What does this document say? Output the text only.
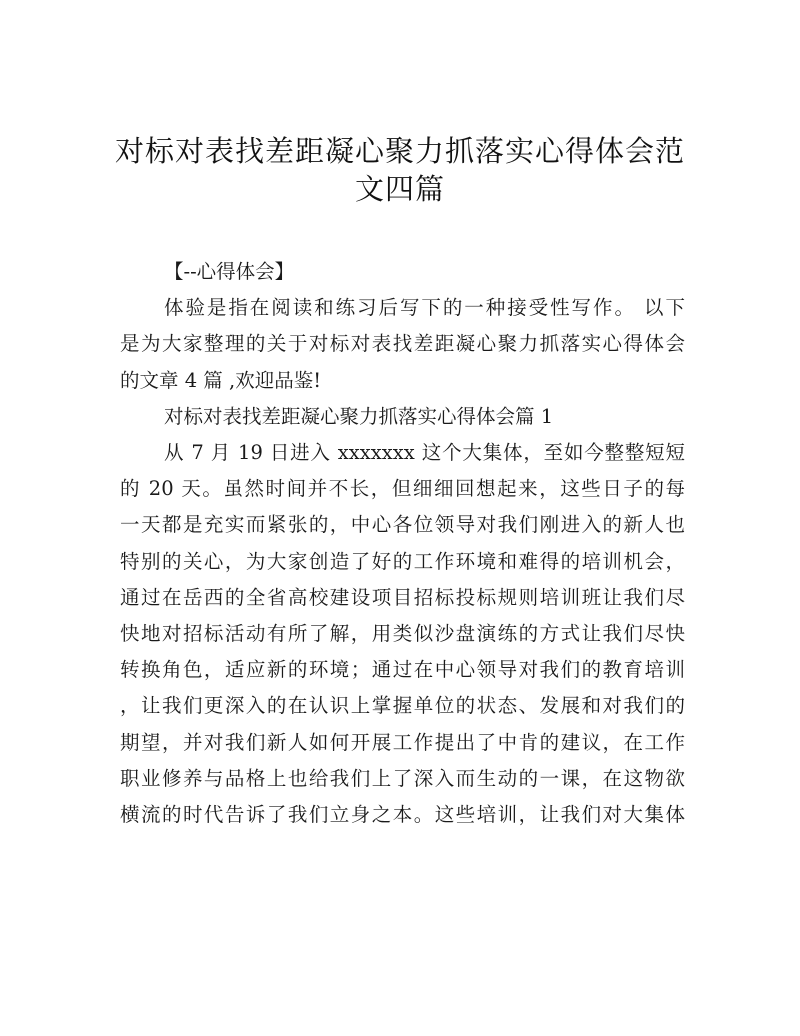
对标对表找差距凝心聚力抓落实心得体会范
文四篇
【--心得体会】
体验是指在阅读和练习后写下的一种接受性写作。 以下
是为大家整理的关于对标对表找差距凝心聚力抓落实心得体会
的文章 4 篇 ,欢迎品鉴!
对标对表找差距凝心聚力抓落实心得体会篇 1
从 7 月 19 日进入 xxxxxxx 这个大集体，至如今整整短短
的 20 天。虽然时间并不长，但细细回想起来，这些日子的每
一天都是充实而紧张的，中心各位领导对我们刚进入的新人也
特别的关心，为大家创造了好的工作环境和难得的培训机会，
通过在岳西的全省高校建设项目招标投标规则培训班让我们尽
快地对招标活动有所了解，用类似沙盘演练的方式让我们尽快
转换角色，适应新的环境；通过在中心领导对我们的教育培训
，让我们更深入的在认识上掌握单位的状态、发展和对我们的
期望，并对我们新人如何开展工作提出了中肯的建议，在工作
职业修养与品格上也给我们上了深入而生动的一课，在这物欲
横流的时代告诉了我们立身之本。这些培训，让我们对大集体
